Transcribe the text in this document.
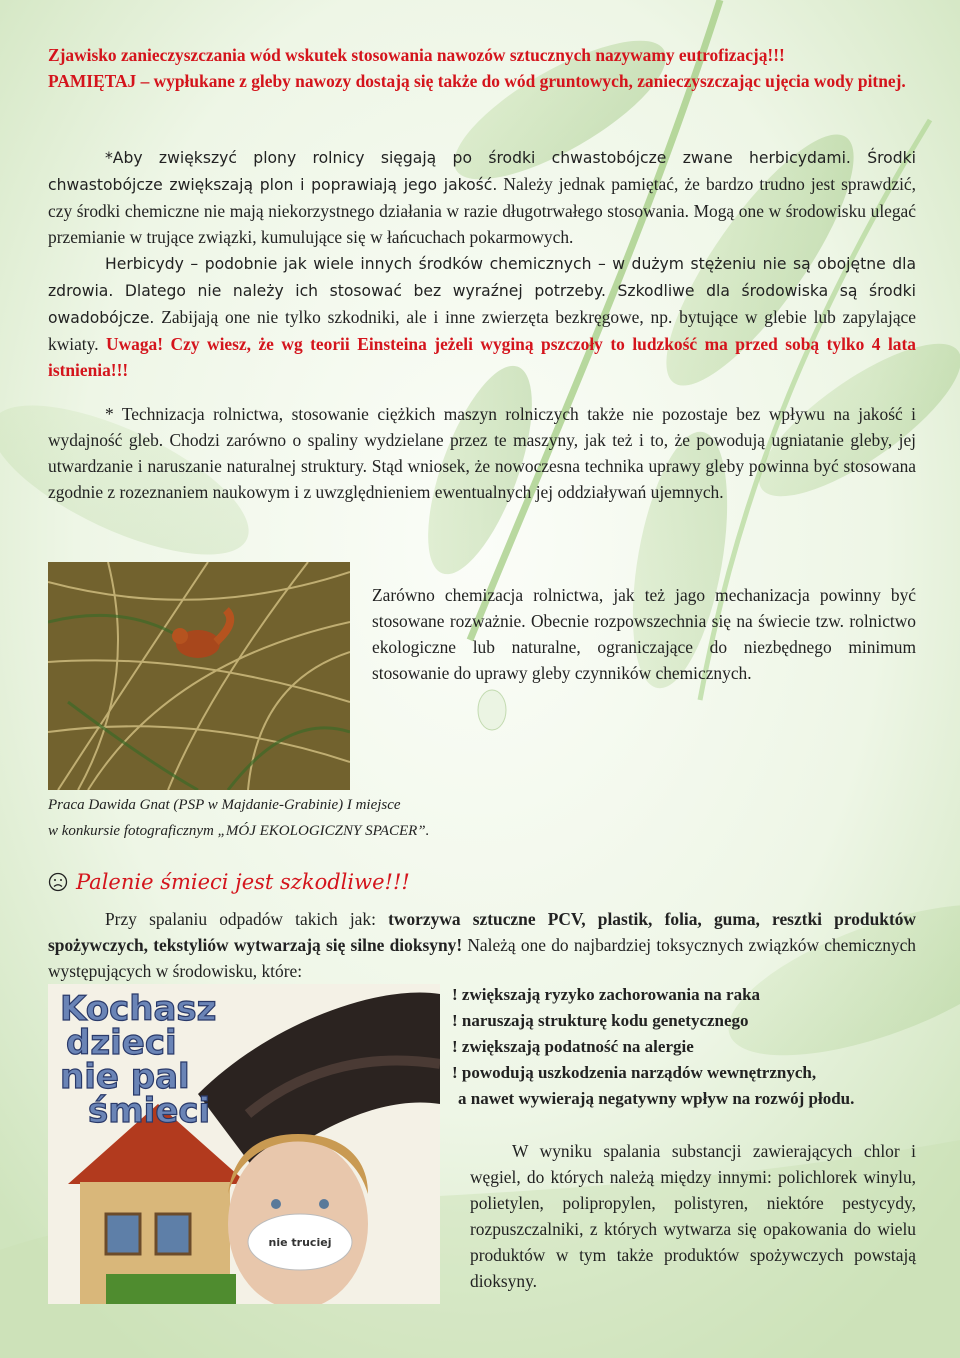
Zjawisko zanieczyszczania wód wskutek stosowania nawozów sztucznych nazywamy eutrofizacją!!!
PAMIĘTAJ – wypłukane z gleby nawozy dostają się także do wód gruntowych, zanieczyszczając ujęcia wody pitnej.
*Aby zwiększyć plony rolnicy sięgają po środki chwastobójcze zwane herbicydami. Środki chwastobójcze zwiększają plon i poprawiają jego jakość. Należy jednak pamiętać, że bardzo trudno jest sprawdzić, czy środki chemiczne nie mają niekorzystnego działania w razie długotrwałego stosowania. Mogą one w środowisku ulegać przemianie w trujące związki, kumulujące się w łańcuchach pokarmowych.
Herbicydy – podobnie jak wiele innych środków chemicznych – w dużym stężeniu nie są obojętne dla zdrowia. Dlatego nie należy ich stosować bez wyraźnej potrzeby. Szkodliwe dla środowiska są środki owadobójcze. Zabijają one nie tylko szkodniki, ale i inne zwierzęta bezkręgowe, np. bytujące w glebie lub zapylające kwiaty. Uwaga! Czy wiesz, że wg teorii Einsteina jeżeli wyginą pszczoły to ludzkość ma przed sobą tylko 4 lata istnienia!!!
* Technizacja rolnictwa, stosowanie ciężkich maszyn rolniczych także nie pozostaje bez wpływu na jakość i wydajność gleb. Chodzi zarówno o spaliny wydzielane przez te maszyny, jak też i to, że powodują ugniatanie gleby, jej utwardzanie i naruszanie naturalnej struktury. Stąd wniosek, że nowoczesna technika uprawy gleby powinna być stosowana zgodnie z rozeznaniem naukowym i z uwzględnieniem ewentualnych jej oddziaływań ujemnych.
Zarówno chemizacja rolnictwa, jak też jago mechanizacja powinny być stosowane rozważnie. Obecnie rozpowszechnia się na świecie tzw. rolnictwo ekologiczne lub naturalne, ograniczające do niezbędnego minimum stosowanie do uprawy gleby czynników chemicznych.
Praca Dawida Gnat (PSP w Majdanie-Grabinie) I miejsce
w konkursie fotograficznym „MÓJ EKOLOGICZNY SPACER”.
Palenie śmieci jest szkodliwe!!!
Przy spalaniu odpadów takich jak: tworzywa sztuczne PCV, plastik, folia, guma, resztki produktów spożywczych, tekstyliów wytwarzają się silne dioksyny! Należą one do najbardziej toksycznych związków chemicznych występujących w środowisku, które:
nie truciej
Kochasz
dzieci
nie pal
śmieci
! zwiększają ryzyko zachorowania na raka
! naruszają strukturę kodu genetycznego
! zwiększają podatność na alergie
! powodują uszkodzenia narządów wewnętrznych,
a nawet wywierają negatywny wpływ na rozwój płodu.
W wyniku spalania substancji zawierających chlor i węgiel, do których należą między innymi: polichlorek winylu, polietylen, polipropylen, polistyren, niektóre pestycydy, rozpuszczalniki, z których wytwarza się opakowania do wielu produktów w tym także produktów spożywczych powstają dioksyny.
